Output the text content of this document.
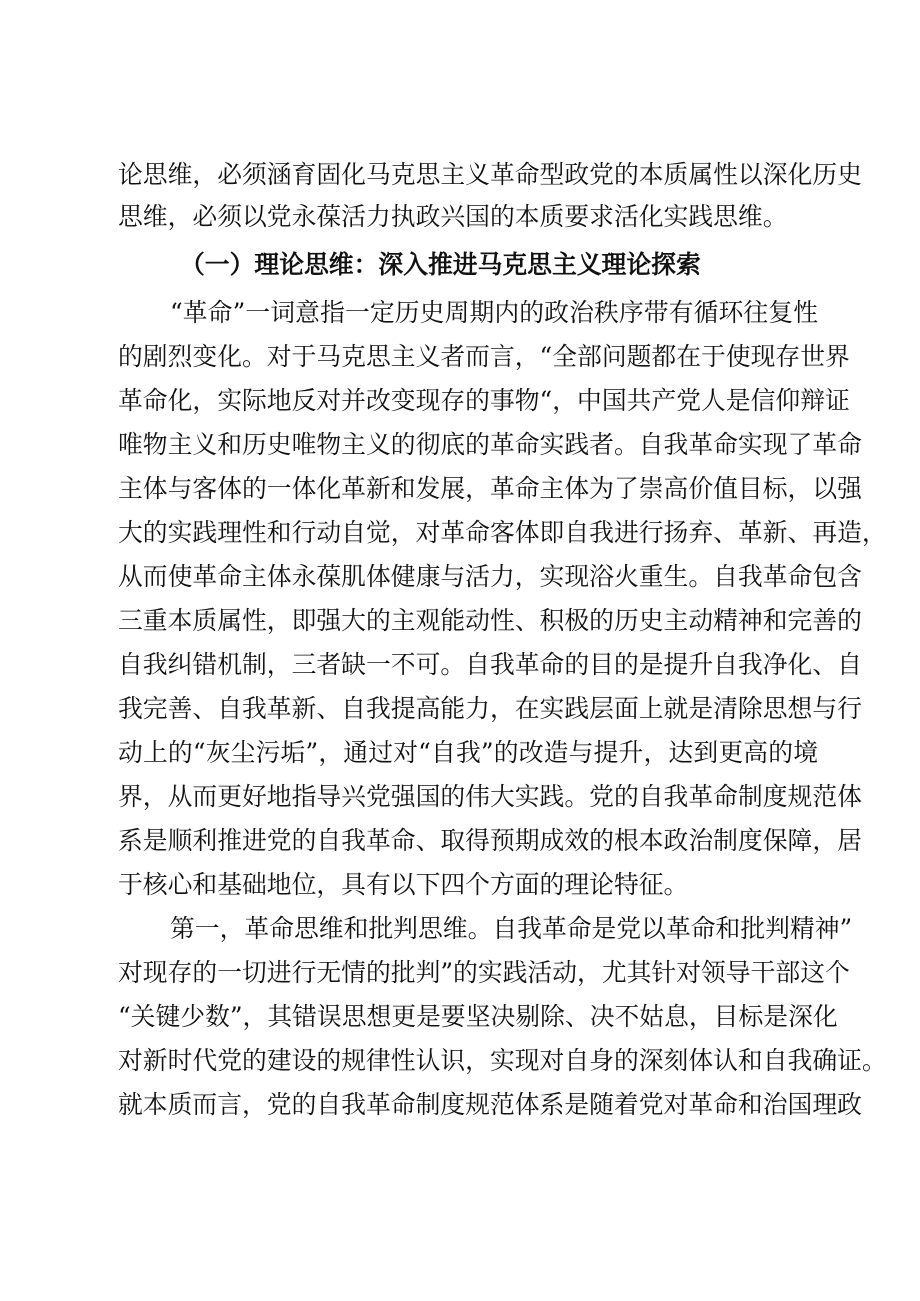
论思维，必须涵育固化马克思主义革命型政党的本质属性以深化历史
思维，必须以党永葆活力执政兴国的本质要求活化实践思维。
（一）理论思维：深入推进马克思主义理论探索
“革命”一词意指一定历史周期内的政治秩序带有循环往复性
的剧烈变化。对于马克思主义者而言，“全部问题都在于使现存世界
革命化，实际地反对并改变现存的事物“，中国共产党人是信仰辩证
唯物主义和历史唯物主义的彻底的革命实践者。自我革命实现了革命
主体与客体的一体化革新和发展，革命主体为了崇高价值目标，以强
大的实践理性和行动自觉，对革命客体即自我进行扬弃、革新、再造，
从而使革命主体永葆肌体健康与活力，实现浴火重生。自我革命包含
三重本质属性，即强大的主观能动性、积极的历史主动精神和完善的
自我纠错机制，三者缺一不可。自我革命的目的是提升自我净化、自
我完善、自我革新、自我提高能力，在实践层面上就是清除思想与行
动上的“灰尘污垢”，通过对“自我”的改造与提升，达到更高的境
界，从而更好地指导兴党强国的伟大实践。党的自我革命制度规范体
系是顺利推进党的自我革命、取得预期成效的根本政治制度保障，居
于核心和基础地位，具有以下四个方面的理论特征。
第一，革命思维和批判思维。自我革命是党以革命和批判精神”
对现存的一切进行无情的批判”的实践活动，尤其针对领导干部这个
“关键少数”，其错误思想更是要坚决剔除、决不姑息，目标是深化
对新时代党的建设的规律性认识，实现对自身的深刻体认和自我确证。
就本质而言，党的自我革命制度规范体系是随着党对革命和治国理政
